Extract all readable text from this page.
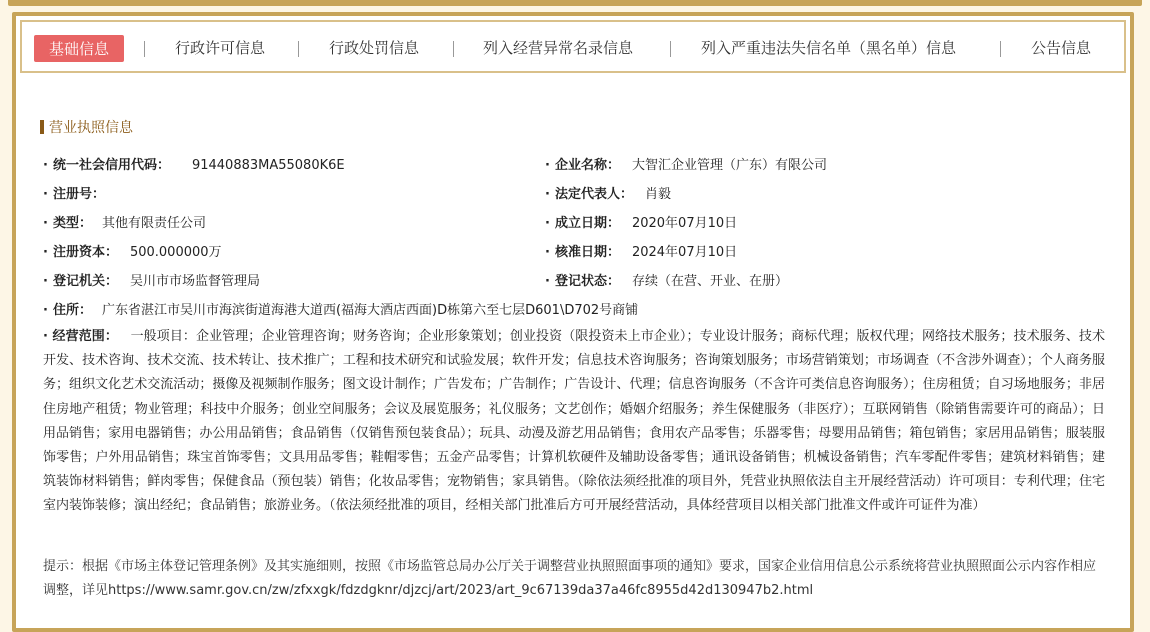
基础信息	行政许可信息	行政处罚信息	列入经营异常名录信息	列入严重违法失信名单（黑名单）信息	公告信息
营业执照信息
· 统一社会信用代码： 91440883MA55080K6E	· 企业名称： 大智汇企业管理（广东）有限公司
· 注册号：	· 法定代表人： 肖毅
· 类型： 其他有限责任公司	· 成立日期： 2020年07月10日
· 注册资本： 500.000000万	· 核准日期： 2024年07月10日
· 登记机关： 吴川市市场监督管理局	· 登记状态： 存续（在营、开业、在册）
· 住所： 广东省湛江市吴川市海滨街道海港大道西(福海大酒店西面)D栋第六至七层D601\D702号商铺
· 经营范围： 一般项目：企业管理；企业管理咨询；财务咨询；企业形象策划；创业投资（限投资未上市企业）；专业设计服务；商标代理；版权代理；网络技术服务；技术服务、技术开发、技术咨询、技术交流、技术转让、技术推广；工程和技术研究和试验发展；软件开发；信息技术咨询服务；咨询策划服务；市场营销策划；市场调查（不含涉外调查）；个人商务服务；组织文化艺术交流活动；摄像及视频制作服务；图文设计制作；广告发布；广告制作；广告设计、代理；信息咨询服务（不含许可类信息咨询服务）；住房租赁；自习场地服务；非居住房地产租赁；物业管理；科技中介服务；创业空间服务；会议及展览服务；礼仪服务；文艺创作；婚姻介绍服务；养生保健服务（非医疗）；互联网销售（除销售需要许可的商品）；日用品销售；家用电器销售；办公用品销售；食品销售（仅销售预包装食品）；玩具、动漫及游艺用品销售；食用农产品零售；乐器零售；母婴用品销售；箱包销售；家居用品销售；服装服饰零售；户外用品销售；珠宝首饰零售；文具用品零售；鞋帽零售；五金产品零售；计算机软硬件及辅助设备零售；通讯设备销售；机械设备销售；汽车零配件零售；建筑材料销售；建筑装饰材料销售；鲜肉零售；保健食品（预包装）销售；化妆品零售；宠物销售；家具销售。（除依法须经批准的项目外，凭营业执照依法自主开展经营活动）许可项目：专利代理；住宅室内装饰装修；演出经纪；食品销售；旅游业务。（依法须经批准的项目，经相关部门批准后方可开展经营活动，具体经营项目以相关部门批准文件或许可证件为准）
提示：根据《市场主体登记管理条例》及其实施细则，按照《市场监管总局办公厅关于调整营业执照照面事项的通知》要求，国家企业信用信息公示系统将营业执照照面公示内容作相应调整，详见https://www.samr.gov.cn/zw/zfxxgk/fdzdgknr/djzcj/art/2023/art_9c67139da37a46fc8955d42d130947b2.html
